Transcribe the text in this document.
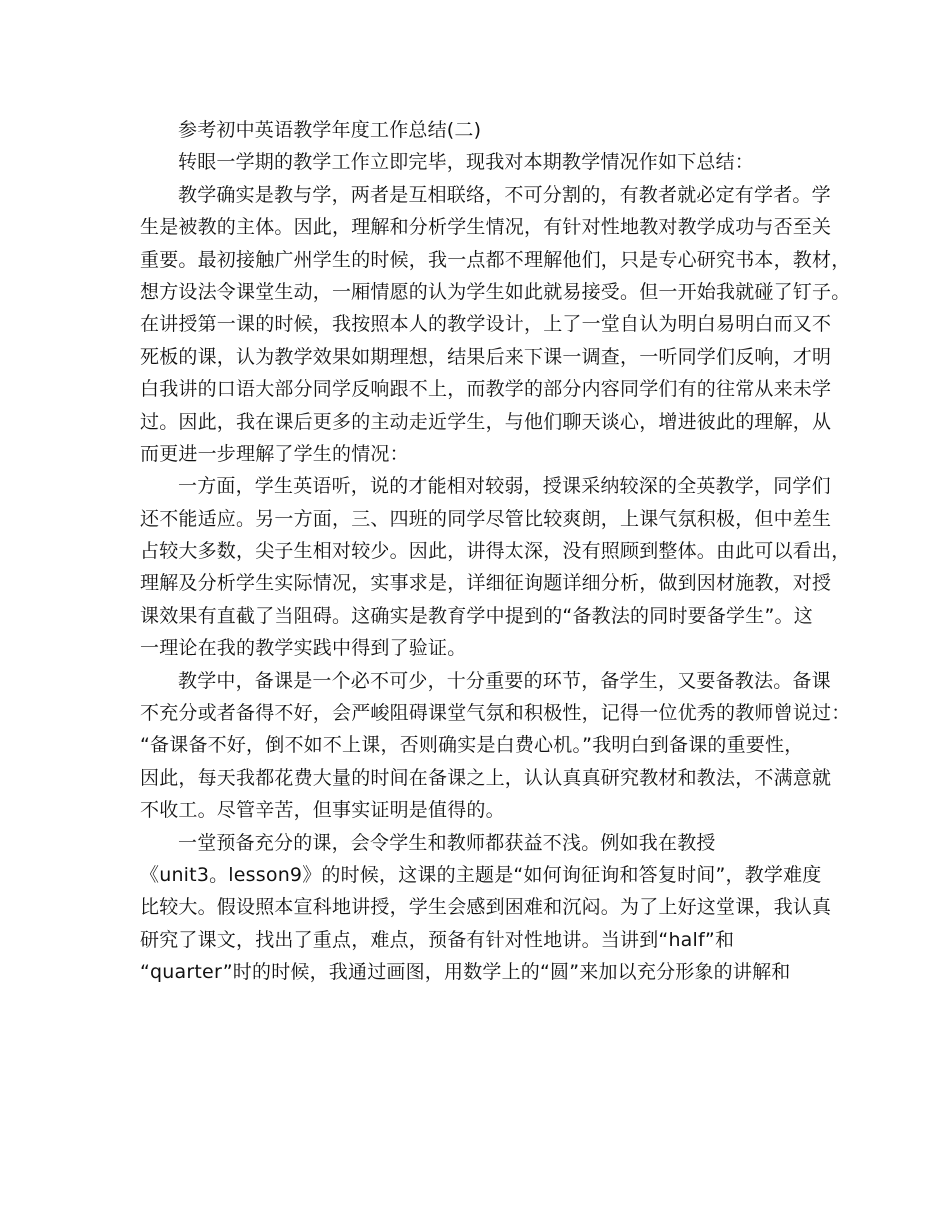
参考初中英语教学年度工作总结(二)
转眼一学期的教学工作立即完毕，现我对本期教学情况作如下总结：
教学确实是教与学，两者是互相联络，不可分割的，有教者就必定有学者。学
生是被教的主体。因此，理解和分析学生情况，有针对性地教对教学成功与否至关
重要。最初接触广州学生的时候，我一点都不理解他们，只是专心研究书本，教材，
想方设法令课堂生动，一厢情愿的认为学生如此就易接受。但一开始我就碰了钉子。
在讲授第一课的时候，我按照本人的教学设计，上了一堂自认为明白易明白而又不
死板的课，认为教学效果如期理想，结果后来下课一调查，一听同学们反响，才明
白我讲的口语大部分同学反响跟不上，而教学的部分内容同学们有的往常从来未学
过。因此，我在课后更多的主动走近学生，与他们聊天谈心，增进彼此的理解，从
而更进一步理解了学生的情况：
一方面，学生英语听，说的才能相对较弱，授课采纳较深的全英教学，同学们
还不能适应。另一方面，三、四班的同学尽管比较爽朗，上课气氛积极，但中差生
占较大多数，尖子生相对较少。因此，讲得太深，没有照顾到整体。由此可以看出，
理解及分析学生实际情况，实事求是，详细征询题详细分析，做到因材施教，对授
课效果有直截了当阻碍。这确实是教育学中提到的“备教法的同时要备学生”。这
一理论在我的教学实践中得到了验证。
教学中，备课是一个必不可少，十分重要的环节，备学生，又要备教法。备课
不充分或者备得不好，会严峻阻碍课堂气氛和积极性，记得一位优秀的教师曾说过：
“备课备不好，倒不如不上课，否则确实是白费心机。”我明白到备课的重要性，
因此，每天我都花费大量的时间在备课之上，认认真真研究教材和教法，不满意就
不收工。尽管辛苦，但事实证明是值得的。
一堂预备充分的课，会令学生和教师都获益不浅。例如我在教授
《unit3。lesson9》的时候，这课的主题是“如何询征询和答复时间”，教学难度
比较大。假设照本宣科地讲授，学生会感到困难和沉闷。为了上好这堂课，我认真
研究了课文，找出了重点，难点，预备有针对性地讲。当讲到“half”和
“quarter”时的时候，我通过画图，用数学上的“圆”来加以充分形象的讲解和
